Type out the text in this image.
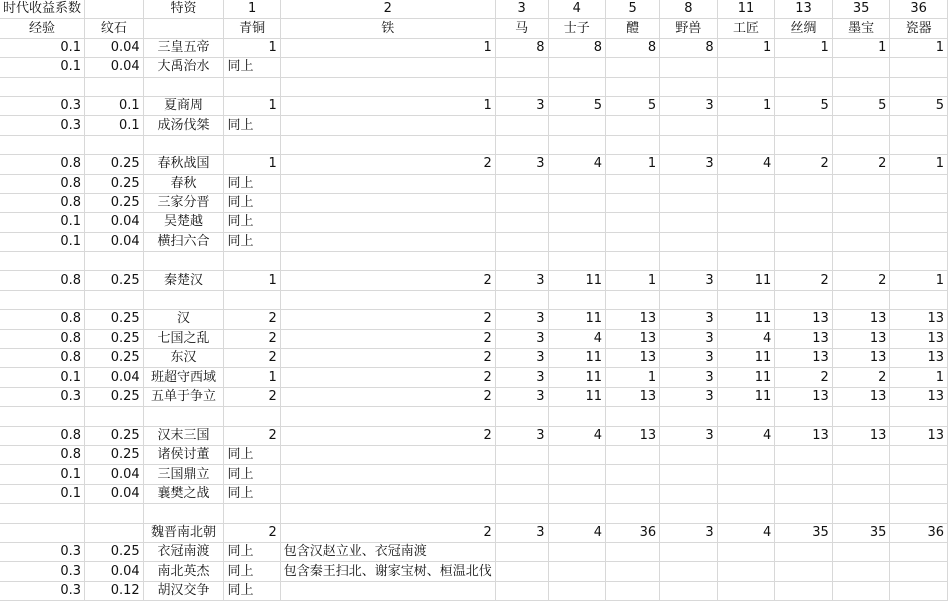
时代收益系数		特资	1	2	3	4	5	8	11	13	35	36
经验	纹石		青铜	铁	马	士子	醴	野兽	工匠	丝绸	墨宝	瓷器
0.1	0.04	三皇五帝	1	1	8	8	8	8	1	1	1	1
0.1	0.04	大禹治水	同上									

0.3	0.1	夏商周	1	1	3	5	5	3	1	5	5	5
0.3	0.1	成汤伐桀	同上									

0.8	0.25	春秋战国	1	2	3	4	1	3	4	2	2	1
0.8	0.25	春秋	同上									
0.8	0.25	三家分晋	同上									
0.1	0.04	吴楚越	同上									
0.1	0.04	横扫六合	同上									

0.8	0.25	秦楚汉	1	2	3	11	1	3	11	2	2	1

0.8	0.25	汉	2	2	3	11	13	3	11	13	13	13
0.8	0.25	七国之乱	2	2	3	4	13	3	4	13	13	13
0.8	0.25	东汉	2	2	3	11	13	3	11	13	13	13
0.1	0.04	班超守西域	1	2	3	11	1	3	11	2	2	1
0.3	0.25	五单于争立	2	2	3	11	13	3	11	13	13	13

0.8	0.25	汉末三国	2	2	3	4	13	3	4	13	13	13
0.8	0.25	诸侯讨董	同上									
0.1	0.04	三国鼎立	同上									
0.1	0.04	襄樊之战	同上									

		魏晋南北朝	2	2	3	4	36	3	4	35	35	36
0.3	0.25	衣冠南渡	同上	包含汉赵立业、衣冠南渡								
0.3	0.04	南北英杰	同上	包含秦王扫北、谢家宝树、桓温北伐								
0.3	0.12	胡汉交争	同上									
